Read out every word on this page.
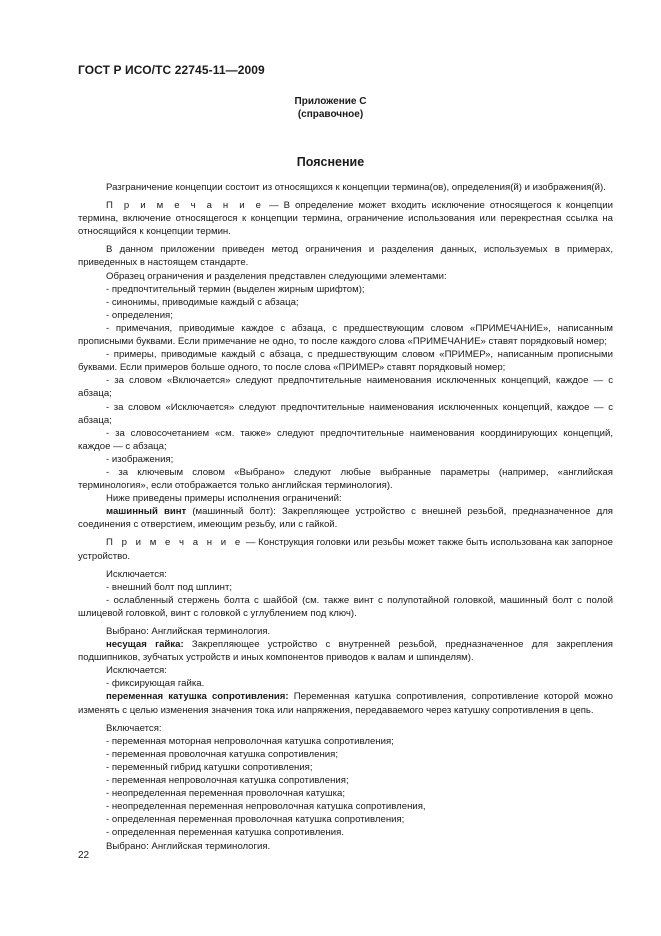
ГОСТ Р ИСО/ТС 22745-11—2009
Приложение С
(справочное)
Пояснение

Разграничение концепции состоит из относящихся к концепции термина(ов), определения(й) и изображения(й).

П р и м е ч а н и е — В определение может входить исключение относящегося к концепции термина, включение относящегося к концепции термина, ограничение использования или перекрестная ссылка на относящийся к концепции термин.

В данном приложении приведен метод ограничения и разделения данных, используемых в примерах, приведенных в настоящем стандарте.

Образец ограничения и разделения представлен следующими элементами:

- предпочтительный термин (выделен жирным шрифтом);

- синонимы, приводимые каждый с абзаца;

- определения;

- примечания, приводимые каждое с абзаца, с предшествующим словом «ПРИМЕЧАНИЕ», написанным прописными буквами. Если примечание не одно, то после каждого слова «ПРИМЕЧАНИЕ» ставят порядковый номер;

- примеры, приводимые каждый с абзаца, с предшествующим словом «ПРИМЕР», написанным прописными буквами. Если примеров больше одного, то после слова «ПРИМЕР» ставят порядковый номер;

- за словом «Включается» следуют предпочтительные наименования исключенных концепций, каждое — с абзаца;

- за словом «Исключается» следуют предпочтительные наименования исключенных концепций, каждое — с абзаца;

- за словосочетанием «см. также» следуют предпочтительные наименования координирующих концепций, каждое — с абзаца;

- изображения;

- за ключевым словом «Выбрано» следуют любые выбранные параметры (например, «английская терминология», если отображается только английская терминология).

Ниже приведены примеры исполнения ограничений:

машинный винт (машинный болт): Закрепляющее устройство с внешней резьбой, предназначенное для соединения с отверстием, имеющим резьбу, или с гайкой.

П р и м е ч а н и е — Конструкция головки или резьбы может также быть использована как запорное устройство.

Исключается:

- внешний болт под шплинт;

- ослабленный стержень болта с шайбой (см. также винт с полупотайной головкой, машинный болт с полой шлицевой головкой, винт с головкой с углублением под ключ).

Выбрано: Английская терминология.

несущая гайка: Закрепляющее устройство с внутренней резьбой, предназначенное для закрепления подшипников, зубчатых устройств и иных компонентов приводов к валам и шпинделям).

Исключается:

- фиксирующая гайка.

переменная катушка сопротивления: Переменная катушка сопротивления, сопротивление которой можно изменять с целью изменения значения тока или напряжения, передаваемого через катушку сопротивления в цепь.

Включается:

- переменная моторная непроволочная катушка сопротивления;

- переменная проволочная катушка сопротивления;

- переменный гибрид катушки сопротивления;

- переменная непроволочная катушка сопротивления;

- неопределенная переменная проволочная катушка;

- неопределенная переменная непроволочная катушка сопротивления,

- определенная переменная проволочная катушка сопротивления;

- определенная переменная катушка сопротивления.

Выбрано: Английская терминология.

22
